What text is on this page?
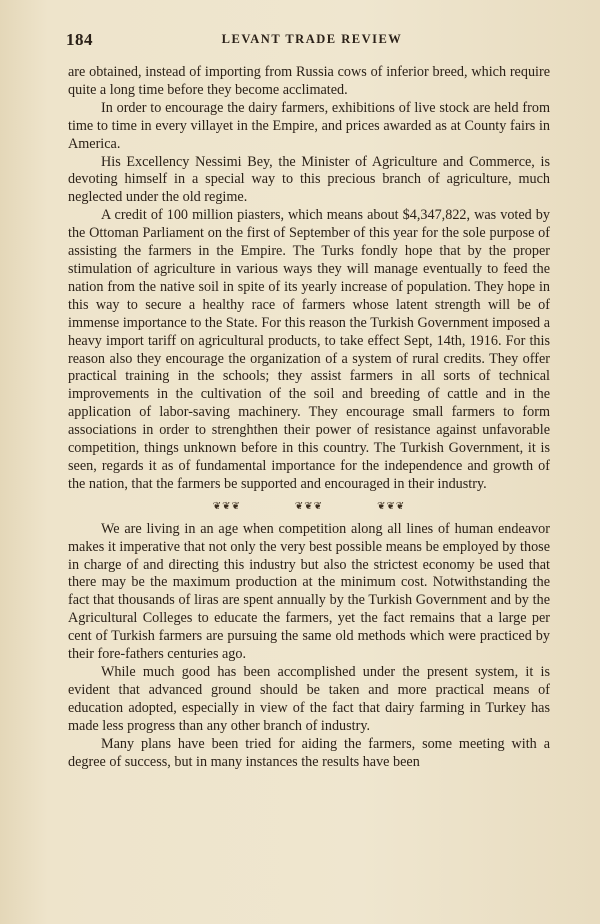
184	LEVANT TRADE REVIEW

are obtained, instead of importing from Russia cows of inferior breed, which require quite a long time before they become acclimated.

In order to encourage the dairy farmers, exhibitions of live stock are held from time to time in every villayet in the Empire, and prices awarded as at County fairs in America.

His Excellency Nessimi Bey, the Minister of Agriculture and Commerce, is devoting himself in a special way to this precious branch of agriculture, much neglected under the old regime.

A credit of 100 million piasters, which means about $4,347,822, was voted by the Ottoman Parliament on the first of September of this year for the sole purpose of assisting the farmers in the Empire. The Turks fondly hope that by the proper stimulation of agriculture in various ways they will manage eventually to feed the nation from the native soil in spite of its yearly increase of population. They hope in this way to secure a healthy race of farmers whose latent strength will be of immense importance to the State. For this reason the Turkish Government imposed a heavy import tariff on agricultural products, to take effect Sept, 14th, 1916. For this reason also they encourage the organization of a system of rural credits. They offer practical training in the schools; they assist farmers in all sorts of technical improvements in the cultivation of the soil and breeding of cattle and in the application of labor-saving machinery. They encourage small farmers to form associations in order to strenghthen their power of resistance against unfavorable competition, things unknown before in this country. The Turkish Government, it is seen, regards it as of fundamental importance for the independence and growth of the nation, that the farmers be supported and encouraged in their industry.

❦❦❦	❦❦❦	❦❦❦

We are living in an age when competition along all lines of human endeavor makes it imperative that not only the very best possible means be employed by those in charge of and directing this industry but also the strictest economy be used that there may be the maximum production at the minimum cost. Notwithstanding the fact that thousands of liras are spent annually by the Turkish Government and by the Agricultural Colleges to educate the farmers, yet the fact remains that a large per cent of Turkish farmers are pursuing the same old methods which were practiced by their fore-fathers centuries ago.

While much good has been accomplished under the present system, it is evident that advanced ground should be taken and more practical means of education adopted, especially in view of the fact that dairy farming in Turkey has made less progress than any other branch of industry.

Many plans have been tried for aiding the farmers, some meeting with a degree of success, but in many instances the results have been
